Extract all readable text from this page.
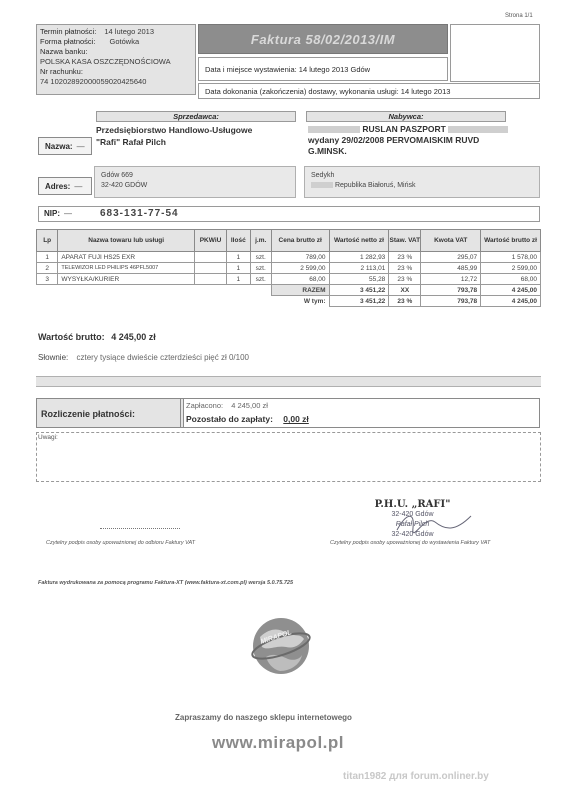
Strona 1/1
Termin płatności: 14 lutego 2013
Forma płatności: Gotówka
Nazwa banku:
POLSKA KASA OSZCZĘDNOŚCIOWA
Nr rachunku:
74 10202892000059020425640
Faktura 58/02/2013/IM
Data i miejsce wystawienia: 14 lutego 2013 Gdów
Data dokonania (zakończenia) dostawy, wykonania usługi: 14 lutego 2013
Sprzedawca:	Nabywca:
Nazwa: —
Przedsiębiorstwo Handlowo-Usługowe
"Rafi" Rafał Pilch
RUSLAN PASZPORT
wydany 29/02/2008 PERVOMAISKIM RUVD
G.MINSK.
Adres: —
Gdów 669
32-420 GDÓW
Sedykh
Republika Białoruś, Mińsk
NIP: —	683-131-77-54
Lp	Nazwa towaru lub usługi	PKWiU	Ilość	j.m.	Cena brutto zł	Wartość netto zł	Staw. VAT	Kwota VAT	Wartość brutto zł
1	APARAT FUJI HS25 EXR		1	szt.	789,00	1 282,93	23 %	295,07	1 578,00
2	TELEWIZOR LED PHILIPS 46PFL5007		1	szt.	2 599,00	2 113,01	23 %	485,99	2 599,00
3	WYSYŁKA/KURIER		1	szt.	68,00	55,28	23 %	12,72	68,00
					RAZEM	3 451,22	XX	793,78	4 245,00
					W tym:	3 451,22	23 %	793,78	4 245,00
Wartość brutto: 4 245,00 zł
Słownie: cztery tysiące dwieście czterdzieści pięć zł 0/100
Rozliczenie płatności:
Zapłacono: 4 245,00 zł
Pozostało do zapłaty: 0,00 zł
Uwagi:
Czytelny podpis osoby upoważnionej do odbioru Faktury VAT
P.H.U. „RAFI"
32-420 Gdów
Rafał Pilch
32-420 Gdów
Czytelny podpis osoby upoważnionej do wystawienia Faktury VAT
Faktura wydrukowana za pomocą programu Faktura-XT (www.faktura-xt.com.pl) wersja 5.0.75.725
MIRAPOL
Zapraszamy do naszego sklepu internetowego
www.mirapol.pl
titan1982 для forum.onliner.by
